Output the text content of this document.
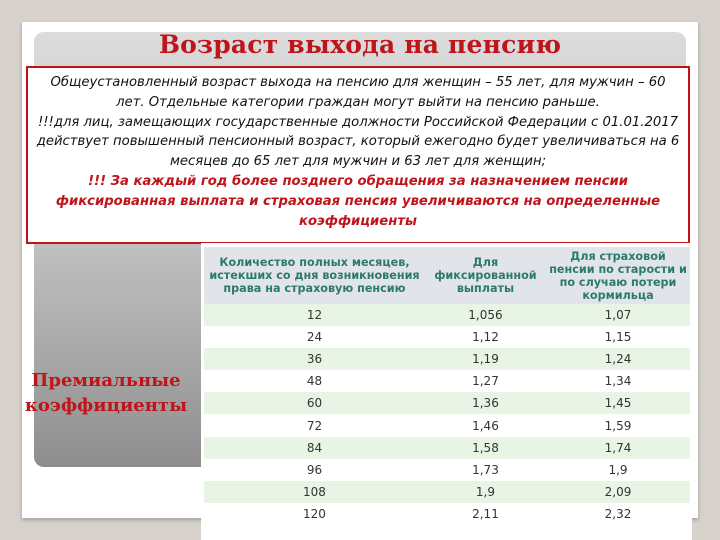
Возраст выхода на пенсию

Общеустановленный возраст выхода на пенсию для женщин – 55 лет, для мужчин – 60 лет. Отдельные категории граждан могут выйти на пенсию раньше.

!!!для лиц, замещающих государственные должности Российской Федерации с 01.01.2017 действует повышенный пенсионный возраст, который ежегодно будет увеличиваться на 6 месяцев до 65 лет для мужчин и 63 лет для женщин;

!!! За каждый год более позднего обращения за назначением пенсии фиксированная выплата и страховая пенсия увеличиваются на определенные коэффициенты

Премиальные
коэффициенты
Количество полных месяцев, истекших со дня возникновения права на страховую пенсию	Для фиксированной выплаты	Для страховой пенсии по старости и по случаю потери кормильца
12	1,056	1,07
24	1,12	1,15
36	1,19	1,24
48	1,27	1,34
60	1,36	1,45
72	1,46	1,59
84	1,58	1,74
96	1,73	1,9
108	1,9	2,09
120	2,11	2,32
